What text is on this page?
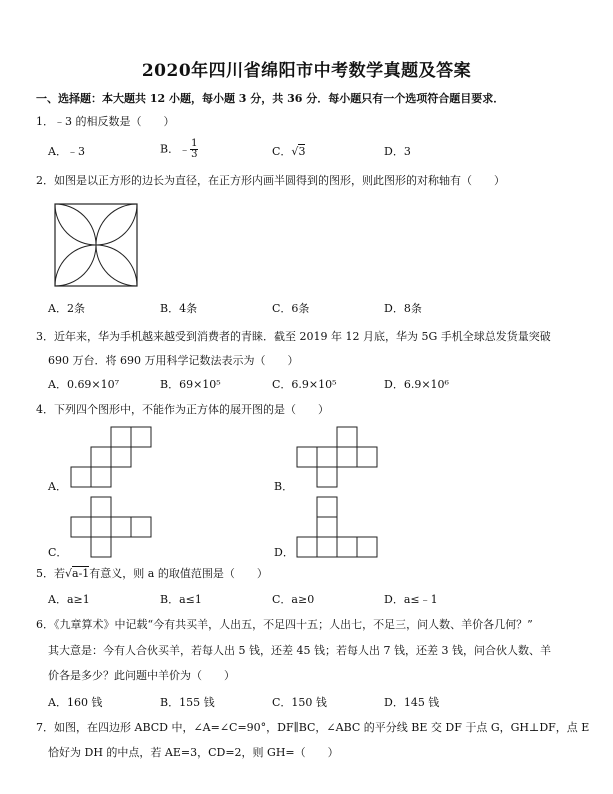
2020年四川省绵阳市中考数学真题及答案
一、选择题：本大题共 12 小题，每小题 3 分，共 36 分．每小题只有一个选项符合题目要求．
1．﹣3 的相反数是（　　）
A．﹣3	B．﹣ $\frac{1}{3}$	C．√3	D．3
2．如图是以正方形的边长为直径，在正方形内画半圆得到的图形，则此图形的对称轴有（　　）
A．2条	B．4条	C．6条	D．8条
3．近年来，华为手机越来越受到消费者的青睐．截至 2019 年 12 月底，华为 5G 手机全球总发货量突破
690 万台．将 690 万用科学记数法表示为（　　）
A．0.69×10⁷	B．69×10⁵	C．6.9×10⁵	D．6.9×10⁶
4．下列四个图形中，不能作为正方体的展开图的是（　　）
A．	B．
C．	D．
5．若√a-1有意义，则 a 的取值范围是（　　）
A．a≥1	B．a≤1	C．a≥0	D．a≤﹣1
6．《九章算术》中记载“今有共买羊，人出五，不足四十五；人出七，不足三，问人数、羊价各几何？”
其大意是：今有人合伙买羊，若每人出 5 钱，还差 45 钱；若每人出 7 钱，还差 3 钱，问合伙人数、羊
价各是多少？此问题中羊价为（　　）
A．160 钱	B．155 钱	C．150 钱	D．145 钱
7．如图，在四边形 ABCD 中，∠A=∠C=90°，DF∥BC，∠ABC 的平分线 BE 交 DF 于点 G，GH⊥DF，点 E
恰好为 DH 的中点，若 AE=3，CD=2，则 GH=（　　）
